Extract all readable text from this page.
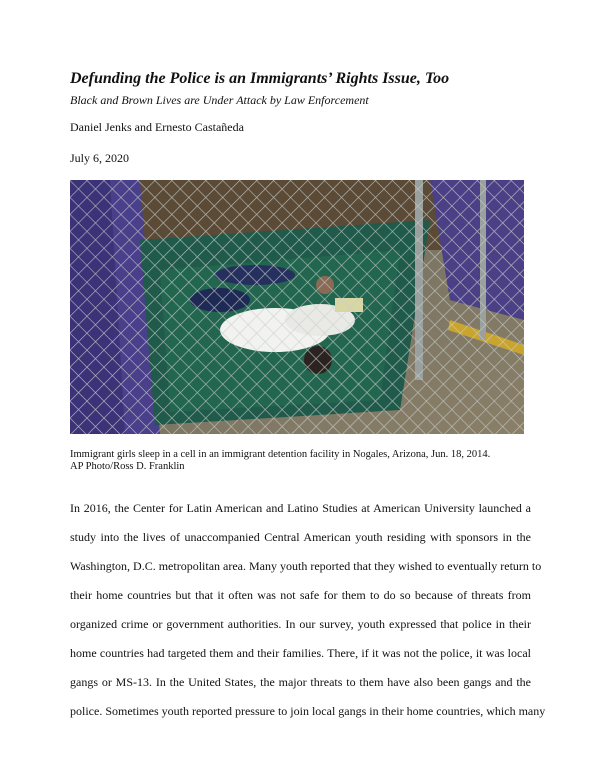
Defunding the Police is an Immigrants’ Rights Issue, Too
Black and Brown Lives are Under Attack by Law Enforcement
Daniel Jenks and Ernesto Castañeda
July 6, 2020
Immigrant girls sleep in a cell in an immigrant detention facility in Nogales, Arizona, Jun. 18, 2014.
AP Photo/Ross D. Franklin
In 2016, the Center for Latin American and Latino Studies at American University launched a
study into the lives of unaccompanied Central American youth residing with sponsors in the
Washington, D.C. metropolitan area. Many youth reported that they wished to eventually return to
their home countries but that it often was not safe for them to do so because of threats from
organized crime or government authorities. In our survey, youth expressed that police in their
home countries had targeted them and their families. There, if it was not the police, it was local
gangs or MS-13. In the United States, the major threats to them have also been gangs and the
police. Sometimes youth reported pressure to join local gangs in their home countries, which many
